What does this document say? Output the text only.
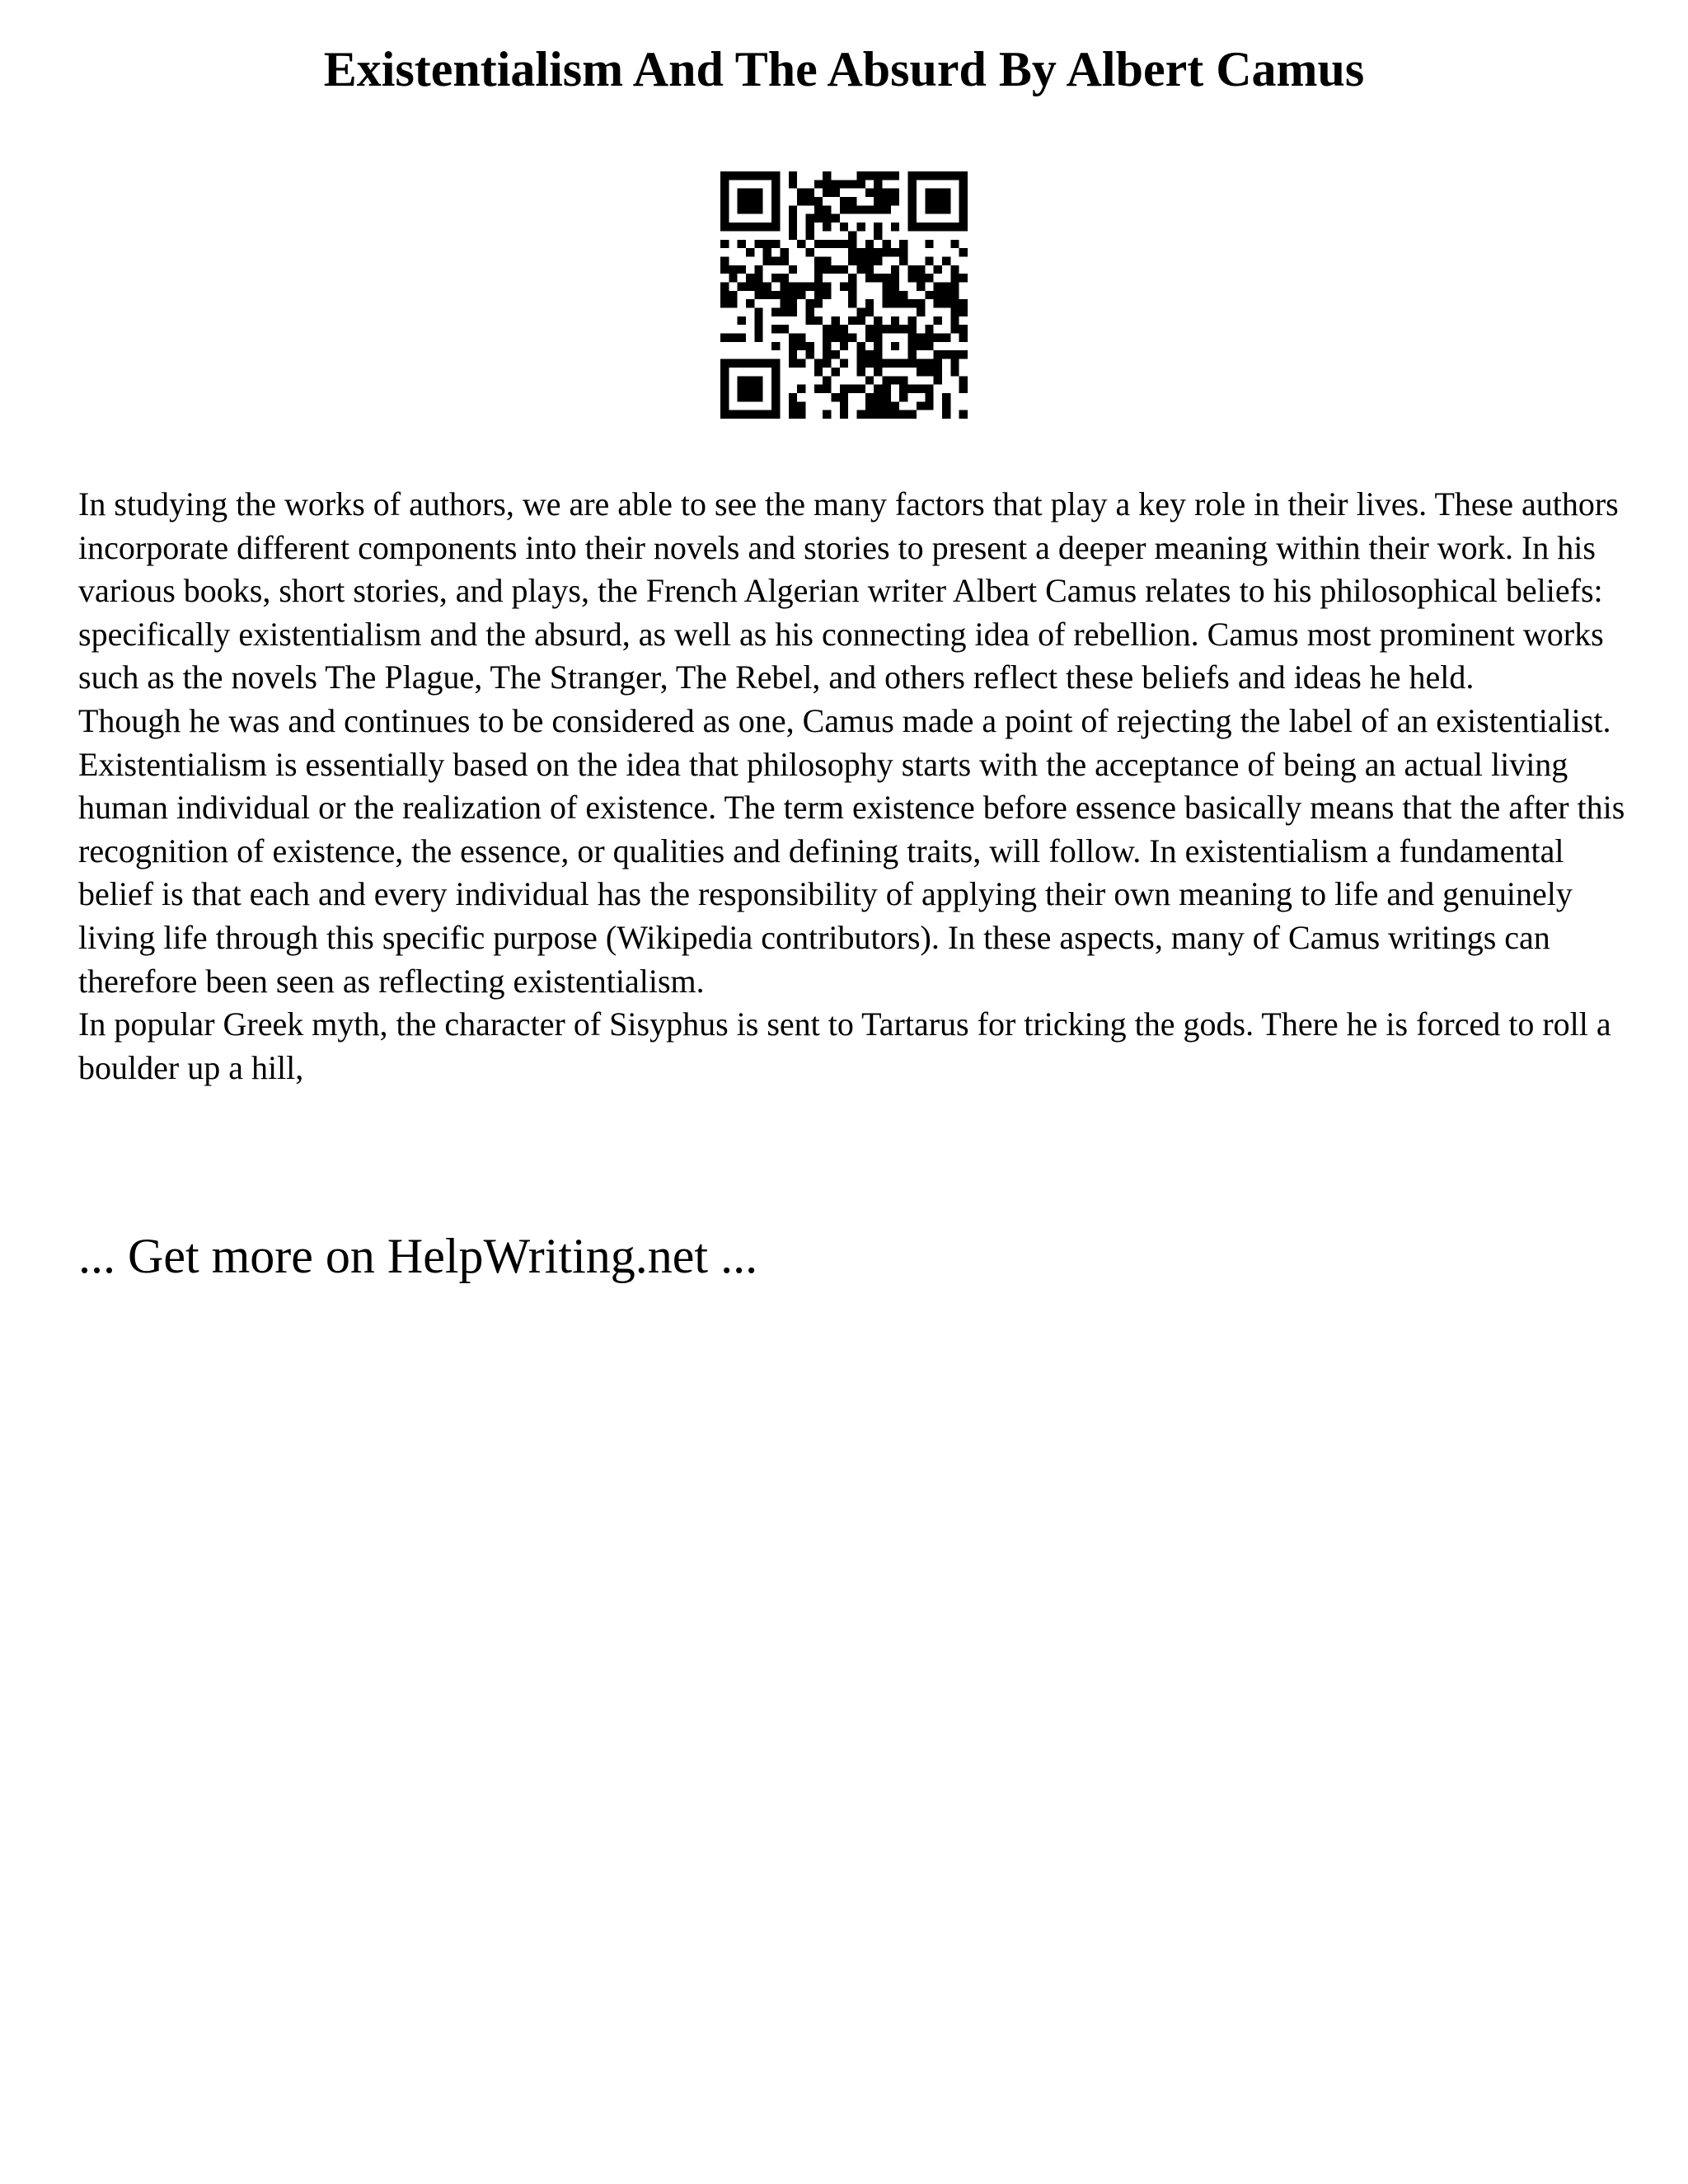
Existentialism And The Absurd By Albert Camus

In studying the works of authors, we are able to see the many factors that play a key role in their lives. These authors incorporate different components into their novels and stories to present a deeper meaning within their work. In his various books, short stories, and plays, the French Algerian writer Albert Camus relates to his philosophical beliefs: specifically existentialism and the absurd, as well as his connecting idea of rebellion. Camus most prominent works such as the novels The Plague, The Stranger, The Rebel, and others reflect these beliefs and ideas he held.

Though he was and continues to be considered as one, Camus made a point of rejecting the label of an existentialist. Existentialism is essentially based on the idea that philosophy starts with the acceptance of being an actual living human individual or the realization of existence. The term existence before essence basically means that the after this recognition of existence, the essence, or qualities and defining traits, will follow. In existentialism a fundamental belief is that each and every individual has the responsibility of applying their own meaning to life and genuinely living life through this specific purpose (Wikipedia contributors). In these aspects, many of Camus writings can therefore been seen as reflecting existentialism.

In popular Greek myth, the character of Sisyphus is sent to Tartarus for tricking the gods. There he is forced to roll a boulder up a hill,

... Get more on HelpWriting.net ...
